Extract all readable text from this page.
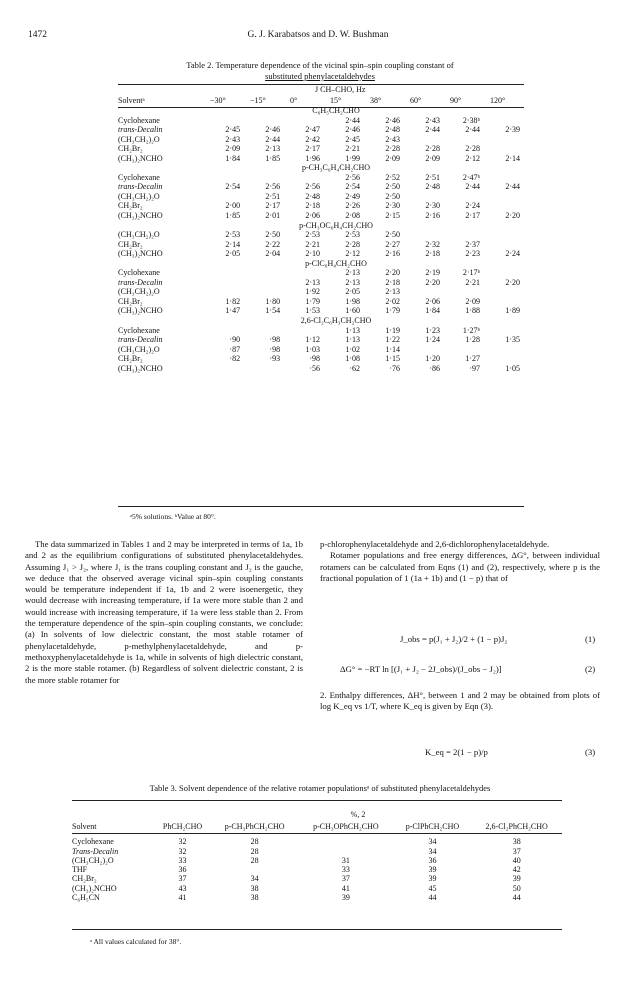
1472	G. J. Karabatsos and D. W. Bushman
Table 2. Temperature dependence of the vicinal spin–spin coupling constant of
substituted phenylacetaldehydes
J CH–CHO, Hz
Solventᵃ	−30°	−15°	0°	15°	38°	60°	90°	120°
C₆H₅CH₂CHO								
Cyclohexane				2·44	2·46	2·43	2·38ᵇ	
trans-Decalin	2·45	2·46	2·47	2·46	2·48	2·44	2·44	2·39
(CH₃CH₂)₂O	2·43	2·44	2·42	2·45	2·43			
CH₂Br₂	2·09	2·13	2·17	2·21	2·28	2·28	2·28	
(CH₃)₂NCHO	1·84	1·85	1·96	1·99	2·09	2·09	2·12	2·14
p-CH₃C₆H₄CH₂CHO								
Cyclohexane				2·56	2·52	2·51	2·47ᵇ	
trans-Decalin	2·54	2·56	2·56	2·54	2·50	2·48	2·44	2·44
(CH₃CH₂)₂O		2·51	2·48	2·49	2·50			
CH₂Br₂	2·00	2·17	2·18	2·26	2·30	2·30	2·24	
(CH₃)₂NCHO	1·85	2·01	2·06	2·08	2·15	2·16	2·17	2·20
p-CH₃OC₆H₄CH₂CHO								
(CH₃CH₂)₂O	2·53	2·50	2·53	2·53	2·50			
CH₂Br₂	2·14	2·22	2·21	2·28	2·27	2·32	2·37	
(CH₃)₂NCHO	2·05	2·04	2·10	2·12	2·16	2·18	2·23	2·24
p-ClC₆H₄CH₂CHO								
Cyclohexane				2·13	2·20	2·19	2·17ᵇ	
trans-Decalin			2·13	2·13	2·18	2·20	2·21	2·20
(CH₃CH₂)₂O			1·92	2·05	2·13			
CH₂Br₂	1·82	1·80	1·79	1·98	2·02	2·06	2·09	
(CH₃)₂NCHO	1·47	1·54	1·53	1·60	1·79	1·84	1·88	1·89
2,6-Cl₂C₆H₃CH₂CHO								
Cyclohexane				1·13	1·19	1·23	1·27ᵇ	
trans-Decalin	·90	·98	1·12	1·13	1·22	1·24	1·28	1·35
(CH₃CH₂)₂O	·87	·98	1·03	1·02	1·14			
CH₂Br₂	·82	·93	·98	1·08	1·15	1·20	1·27	
(CH₃)₂NCHO			·56	·62	·76	·86	·97	1·05
ᵃ5% solutions. ᵇValue at 80°.

The data summarized in Tables 1 and 2 may be interpreted in terms of 1a, 1b and 2 as the equilibrium configurations of substituted phenylacetaldehydes. Assuming J₁ > J₂, where J₁ is the trans coupling constant and J₂ is the gauche, we deduce that the observed average vicinal spin–spin coupling constants would be temperature independent if 1a, 1b and 2 were isoenergetic, they would decrease with increasing temperature, if 1a were more stable than 2 and would increase with increasing temperature, if 1a were less stable than 2. From the temperature dependence of the spin–spin coupling constants, we conclude: (a) In solvents of low dielectric constant, the most stable rotamer of phenylacetaldehyde, p-methylphenylacetaldehyde, and p-methoxyphenylacetaldehyde is 1a, while in solvents of high dielectric constant, 2 is the more stable rotamer. (b) Regardless of solvent dielectric constant, 2 is the more stable rotamer for

p-chlorophenylacetaldehyde and 2,6-dichlorophenylacetaldehyde.

Rotamer populations and free energy differences, ΔG°, between individual rotamers can be calculated from Eqns (1) and (2), respectively, where p is the fractional population of 1 (1a + 1b) and (1 − p) that of

J_obs = p(J₁ + J₂)/2 + (1 − p)J₂	(1)
ΔG° = −RT ln [(J₁ + J₂ − 2J_obs)/(J_obs − J₂)]	(2)

2. Enthalpy differences, ΔH°, between 1 and 2 may be obtained from plots of log K_eq vs 1/T, where K_eq is given by Eqn (3).

K_eq = 2(1 − p)/p	(3)
Table 3. Solvent dependence of the relative rotamer populationsᵃ of substituted phenylacetaldehydes
	%, 2				
Solvent	PhCH₂CHO	p-CH₃PhCH₂CHO	p-CH₃OPhCH₂CHO	p-ClPhCH₂CHO	2,6-Cl₂PhCH₂CHO

Cyclohexane	32	28		34	38
Trans-Decalin	32	28		34	37
(CH₃CH₂)₂O	33	28	31	36	40
THF	36		33	39	42
CH₂Br₂	37	34	37	39	39
(CH₃)₂NCHO	43	38	41	45	50
C₆H₅CN	41	38	39	44	44
ᵃ All values calculated for 38°.
